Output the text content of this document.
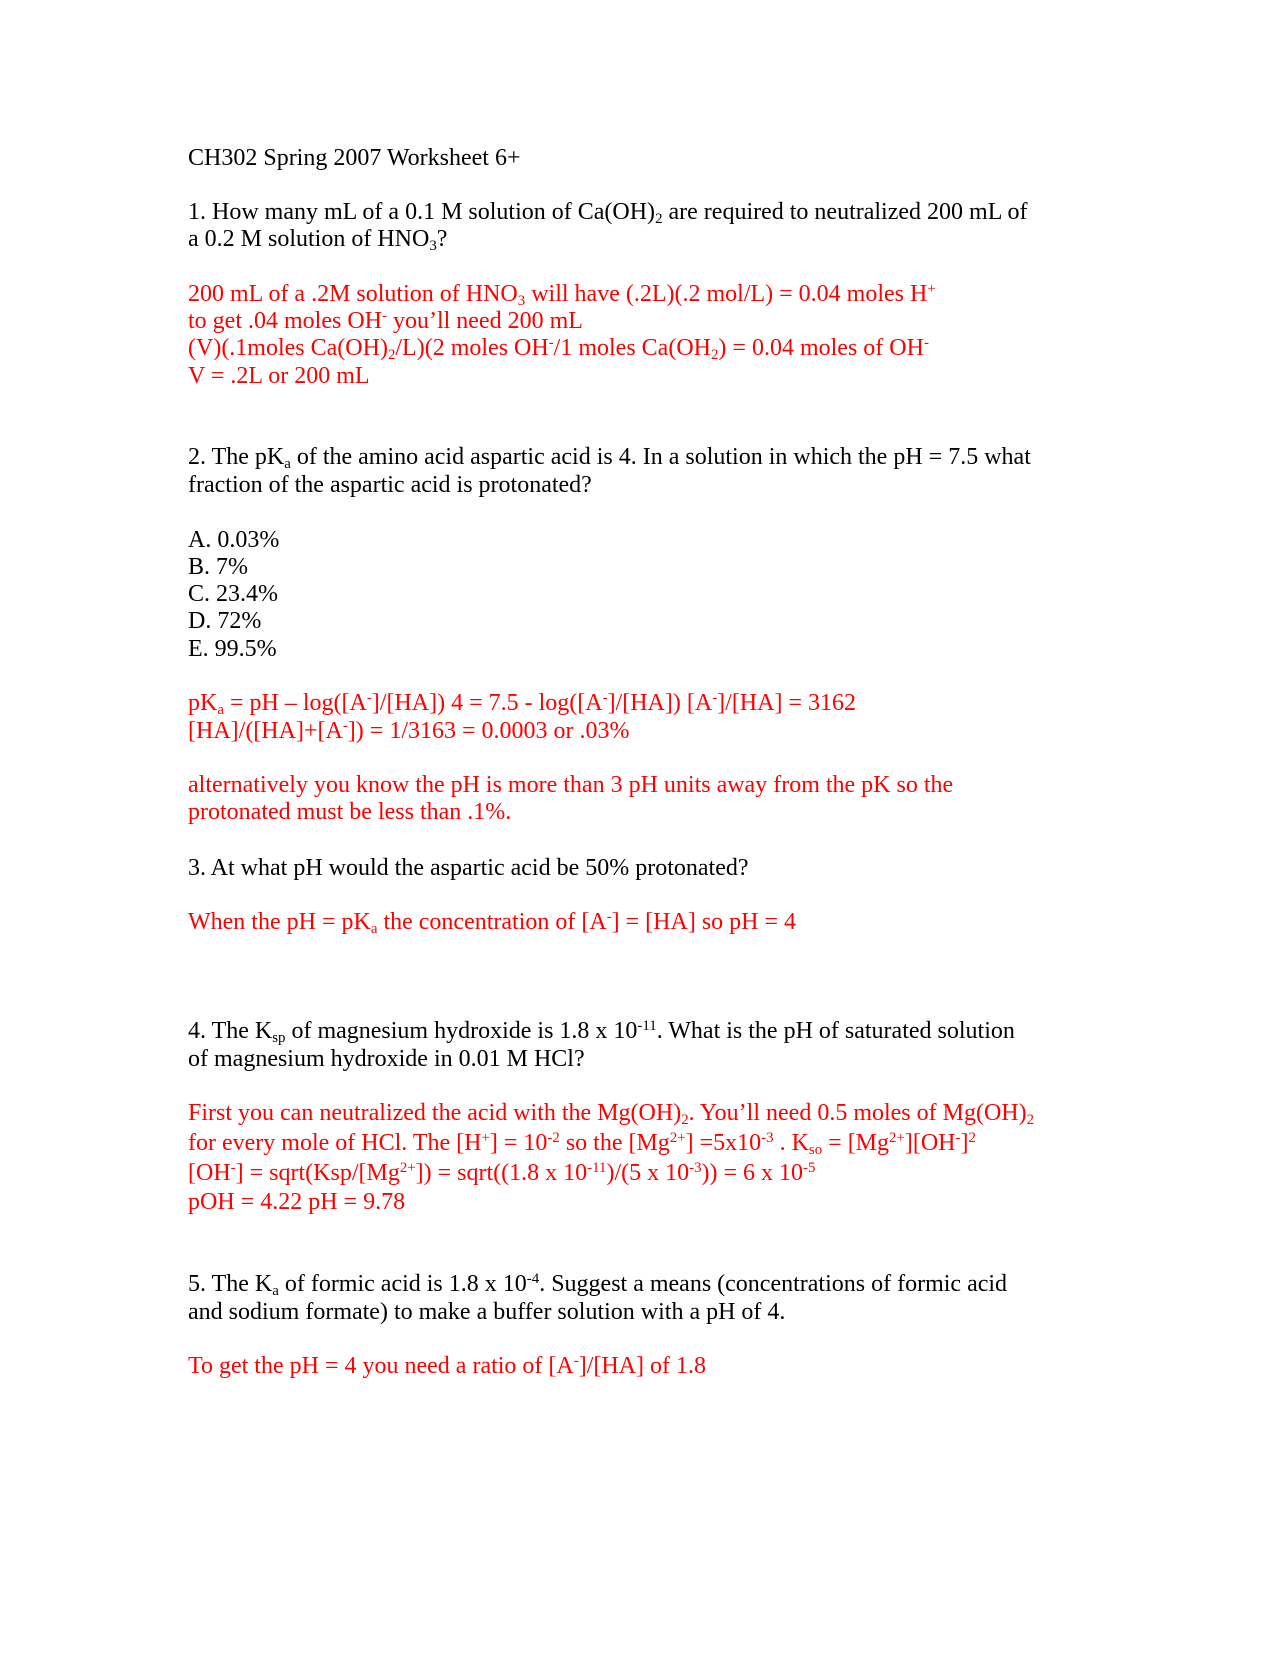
CH302 Spring 2007 Worksheet 6+

1. How many mL of a 0.1 M solution of $Ca(OH)_2$ are required to neutralized 200 mL of

a 0.2 M solution of $HNO_3$?

200 mL of a .2M solution of $HNO_3$ will have (.2L)(.2 mol/L) = 0.04 moles H+

to get .04 moles OH- you’ll need 200 mL

(V)(.1moles $Ca(OH)_2/L)(2$ moles OH-/1 moles $Ca(OH_2) = 0.04$ moles of OH-

V = .2L or 200 mL

2. The $pK_a$ of the amino acid aspartic acid is 4. In a solution in which the pH = 7.5 what

fraction of the aspartic acid is protonated?

A. 0.03%

B. 7%

C. 23.4%

D. 72%

E. 99.5%

$pK_a$ = pH – log([A-]/[HA]) 4 = 7.5 - log([A-]/[HA]) [A-]/[HA] = 3162

[HA]/([HA]+[A-]) = 1/3163 = 0.0003 or .03%

alternatively you know the pH is more than 3 pH units away from the pK so the

protonated must be less than .1%.

3. At what pH would the aspartic acid be 50% protonated?

When the pH = $pK_a$ the concentration of [A-] = [HA] so pH = 4

4. The $K_{sp}$ of magnesium hydroxide is 1.8 x $10^{-11}$. What is the pH of saturated solution

of magnesium hydroxide in 0.01 M HCl?

First you can neutralized the acid with the $Mg(OH)_2$. You’ll need 0.5 moles of $Mg(OH)_2$

for every mole of HCl. The $[H^+] = 10^{-2}$ so the $[Mg^{2+}] =5x10^{-3}$ . $K_{so} = [Mg^{2+}][OH^-]^2$

$[OH^-] = sqrt(Ksp/[Mg^{2+}])$ = sqrt((1.8 x $10^{-11})/(5$ x $10^{-3})) = 6$ x $10^{-5}$

pOH = 4.22 pH = 9.78

5. The $K_a$ of formic acid is 1.8 x $10^{-4}$. Suggest a means (concentrations of formic acid

and sodium formate) to make a buffer solution with a pH of 4.

To get the pH = 4 you need a ratio of [A-]/[HA] of 1.8
